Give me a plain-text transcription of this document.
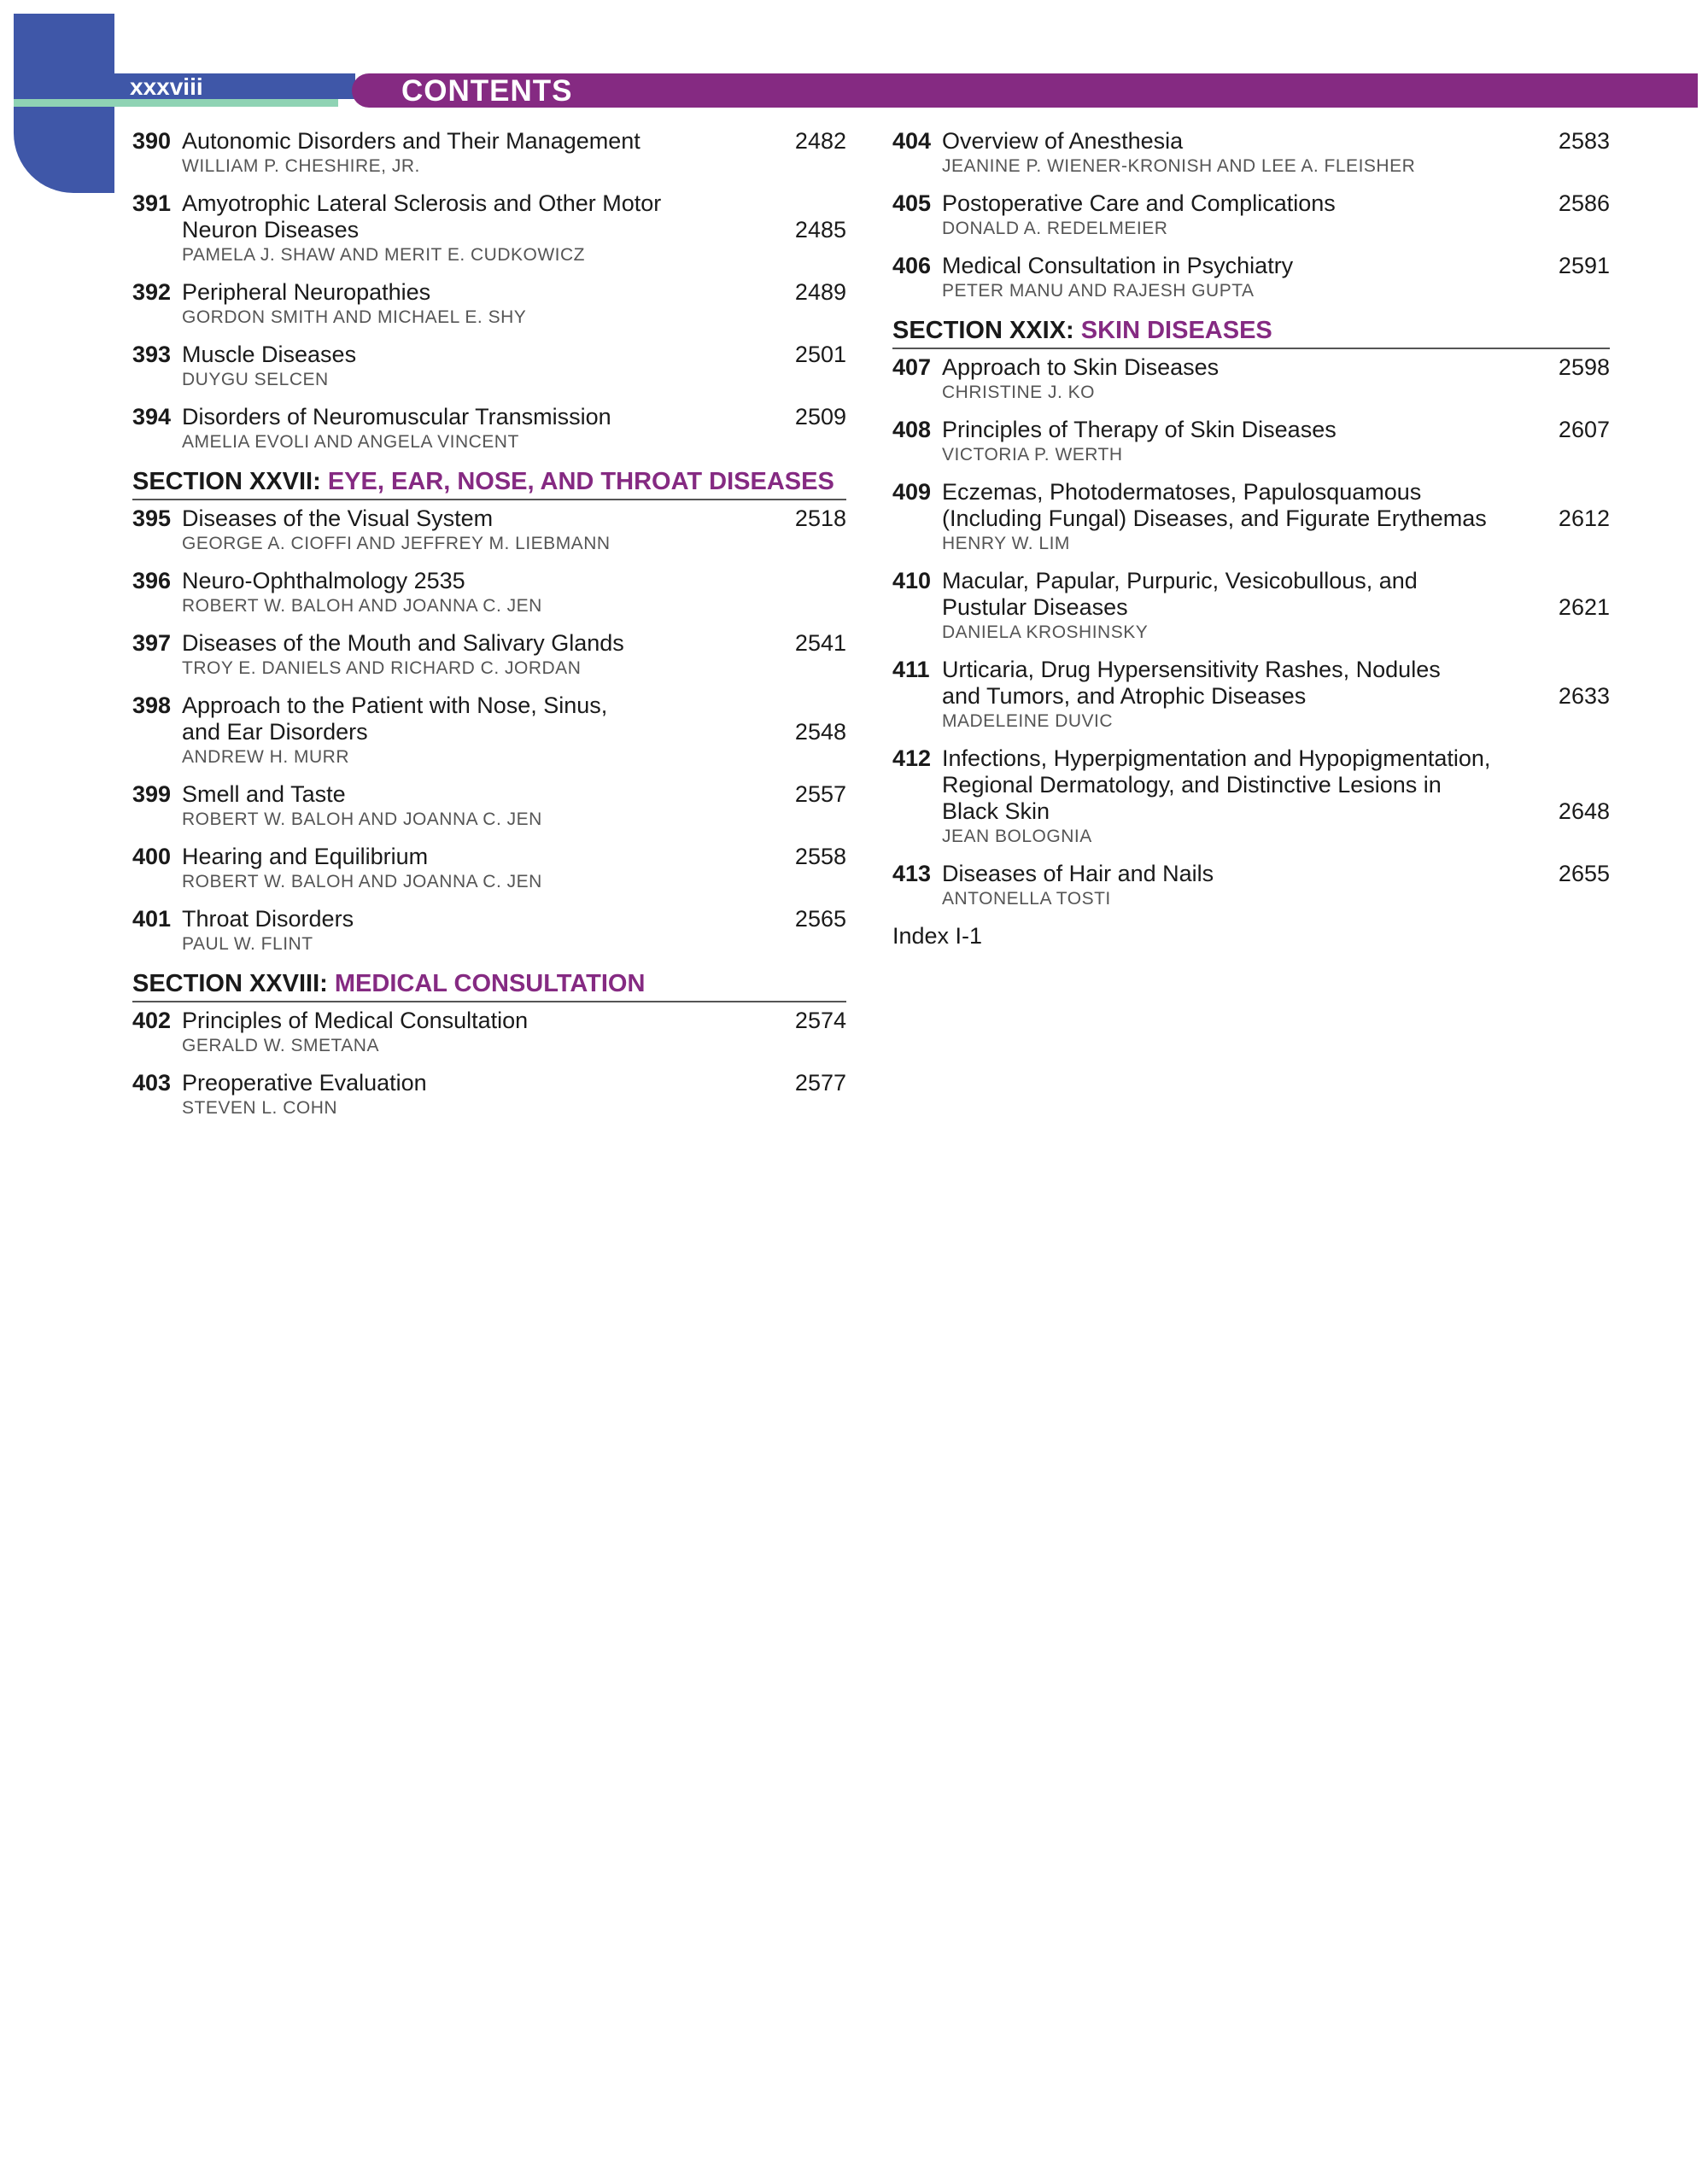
xxxviii	CONTENTS
390 Autonomic Disorders and Their Management	2482
WILLIAM P. CHESHIRE, JR.
391 Amyotrophic Lateral Sclerosis and Other Motor
Neuron Diseases	2485
PAMELA J. SHAW AND MERIT E. CUDKOWICZ
392 Peripheral Neuropathies	2489
GORDON SMITH AND MICHAEL E. SHY
393 Muscle Diseases	2501
DUYGU SELCEN
394 Disorders of Neuromuscular Transmission	2509
AMELIA EVOLI AND ANGELA VINCENT
SECTION XXVII: EYE, EAR, NOSE, AND THROAT DISEASES
395 Diseases of the Visual System	2518
GEORGE A. CIOFFI AND JEFFREY M. LIEBMANN
396 Neuro-Ophthalmology 2535
ROBERT W. BALOH AND JOANNA C. JEN
397 Diseases of the Mouth and Salivary Glands	2541
TROY E. DANIELS AND RICHARD C. JORDAN
398 Approach to the Patient with Nose, Sinus,
and Ear Disorders	2548
ANDREW H. MURR
399 Smell and Taste	2557
ROBERT W. BALOH AND JOANNA C. JEN
400 Hearing and Equilibrium	2558
ROBERT W. BALOH AND JOANNA C. JEN
401 Throat Disorders	2565
PAUL W. FLINT
SECTION XXVIII: MEDICAL CONSULTATION
402 Principles of Medical Consultation	2574
GERALD W. SMETANA
403 Preoperative Evaluation	2577
STEVEN L. COHN
404 Overview of Anesthesia	2583
JEANINE P. WIENER-KRONISH AND LEE A. FLEISHER
405 Postoperative Care and Complications	2586
DONALD A. REDELMEIER
406 Medical Consultation in Psychiatry	2591
PETER MANU AND RAJESH GUPTA
SECTION XXIX: SKIN DISEASES
407 Approach to Skin Diseases	2598
CHRISTINE J. KO
408 Principles of Therapy of Skin Diseases	2607
VICTORIA P. WERTH
409 Eczemas, Photodermatoses, Papulosquamous
(Including Fungal) Diseases, and Figurate Erythemas	2612
HENRY W. LIM
410 Macular, Papular, Purpuric, Vesicobullous, and
Pustular Diseases	2621
DANIELA KROSHINSKY
411 Urticaria, Drug Hypersensitivity Rashes, Nodules
and Tumors, and Atrophic Diseases	2633
MADELEINE DUVIC
412 Infections, Hyperpigmentation and Hypopigmentation,
Regional Dermatology, and Distinctive Lesions in
Black Skin	2648
JEAN BOLOGNIA
413 Diseases of Hair and Nails	2655
ANTONELLA TOSTI
Index I-1
